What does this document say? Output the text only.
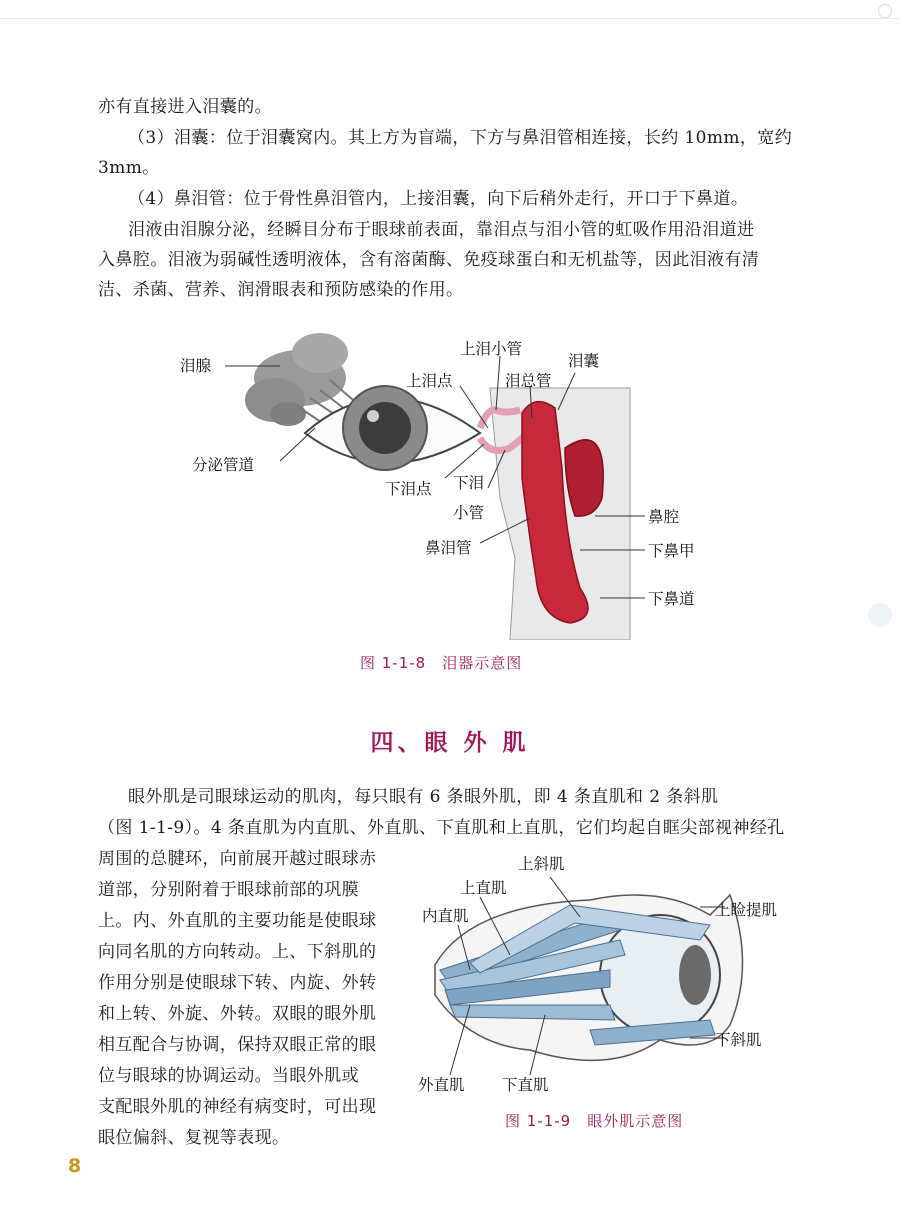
亦有直接进入泪囊的。
（3）泪囊：位于泪囊窝内。其上方为盲端，下方与鼻泪管相连接，长约 10mm，宽约
3mm。
（4）鼻泪管：位于骨性鼻泪管内，上接泪囊，向下后稍外走行，开口于下鼻道。
泪液由泪腺分泌，经瞬目分布于眼球前表面，靠泪点与泪小管的虹吸作用沿泪道进
入鼻腔。泪液为弱碱性透明液体，含有溶菌酶、免疫球蛋白和无机盐等，因此泪液有清
洁、杀菌、营养、润滑眼表和预防感染的作用。
泪腺
分泌管道
上泪点
上泪小管
泪总管
泪囊
下泪点 下泪
小管
鼻泪管
鼻腔
下鼻甲
下鼻道
图 1-1-8　泪器示意图
四、眼 外 肌
眼外肌是司眼球运动的肌肉，每只眼有 6 条眼外肌，即 4 条直肌和 2 条斜肌
（图 1-1-9）。4 条直肌为内直肌、外直肌、下直肌和上直肌，它们均起自眶尖部视神经孔
周围的总腱环，向前展开越过眼球赤
道部，分别附着于眼球前部的巩膜
上。内、外直肌的主要功能是使眼球
向同名肌的方向转动。上、下斜肌的
作用分别是使眼球下转、内旋、外转
和上转、外旋、外转。双眼的眼外肌
相互配合与协调，保持双眼正常的眼
位与眼球的协调运动。当眼外肌或
支配眼外肌的神经有病变时，可出现
眼位偏斜、复视等表现。
上斜肌
上直肌
内直肌	上睑提肌
下斜肌
外直肌 下直肌
图 1-1-9　眼外肌示意图
8
